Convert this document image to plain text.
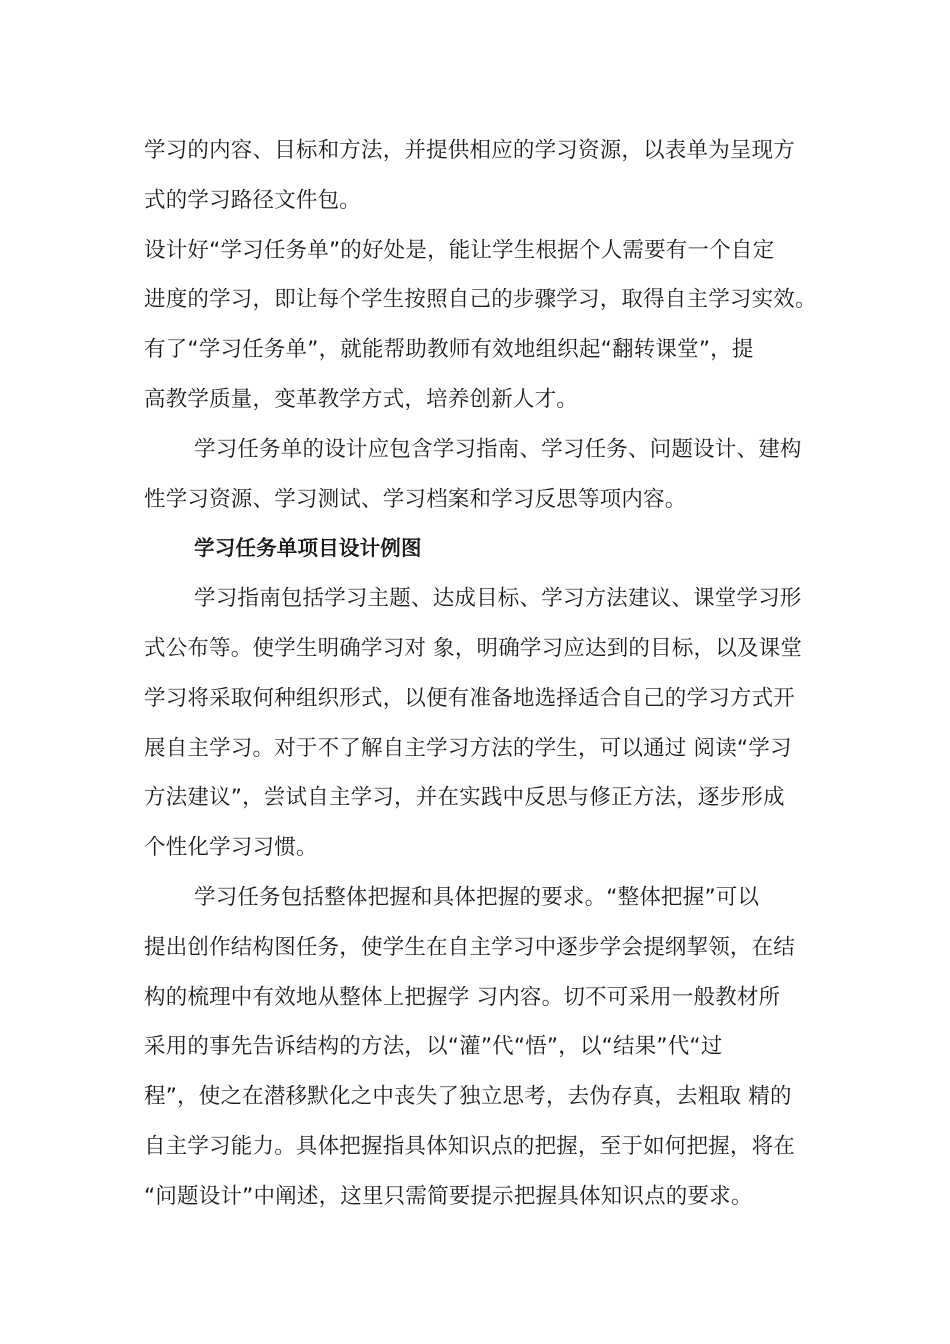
学习的内容、目标和方法，并提供相应的学习资源，以表单为呈现方
式的学习路径文件包。
设计好“学习任务单”的好处是，能让学生根据个人需要有一个自定
进度的学习，即让每个学生按照自己的步骤学习，取得自主学习实效。
有了“学习任务单”，就能帮助教师有效地组织起“翻转课堂”，提
高教学质量，变革教学方式，培养创新人才。
学习任务单的设计应包含学习指南、学习任务、问题设计、建构
性学习资源、学习测试、学习档案和学习反思等项内容。
学习任务单项目设计例图
学习指南包括学习主题、达成目标、学习方法建议、课堂学习形
式公布等。使学生明确学习对 象，明确学习应达到的目标，以及课堂
学习将采取何种组织形式，以便有准备地选择适合自己的学习方式开
展自主学习。对于不了解自主学习方法的学生，可以通过 阅读“学习
方法建议”，尝试自主学习，并在实践中反思与修正方法，逐步形成
个性化学习习惯。
学习任务包括整体把握和具体把握的要求。“整体把握”可以
提出创作结构图任务，使学生在自主学习中逐步学会提纲挈领，在结
构的梳理中有效地从整体上把握学 习内容。切不可采用一般教材所
采用的事先告诉结构的方法，以“灌”代“悟”，以“结果”代“过
程”，使之在潜移默化之中丧失了独立思考，去伪存真，去粗取 精的
自主学习能力。具体把握指具体知识点的把握，至于如何把握，将在
“问题设计”中阐述，这里只需简要提示把握具体知识点的要求。
